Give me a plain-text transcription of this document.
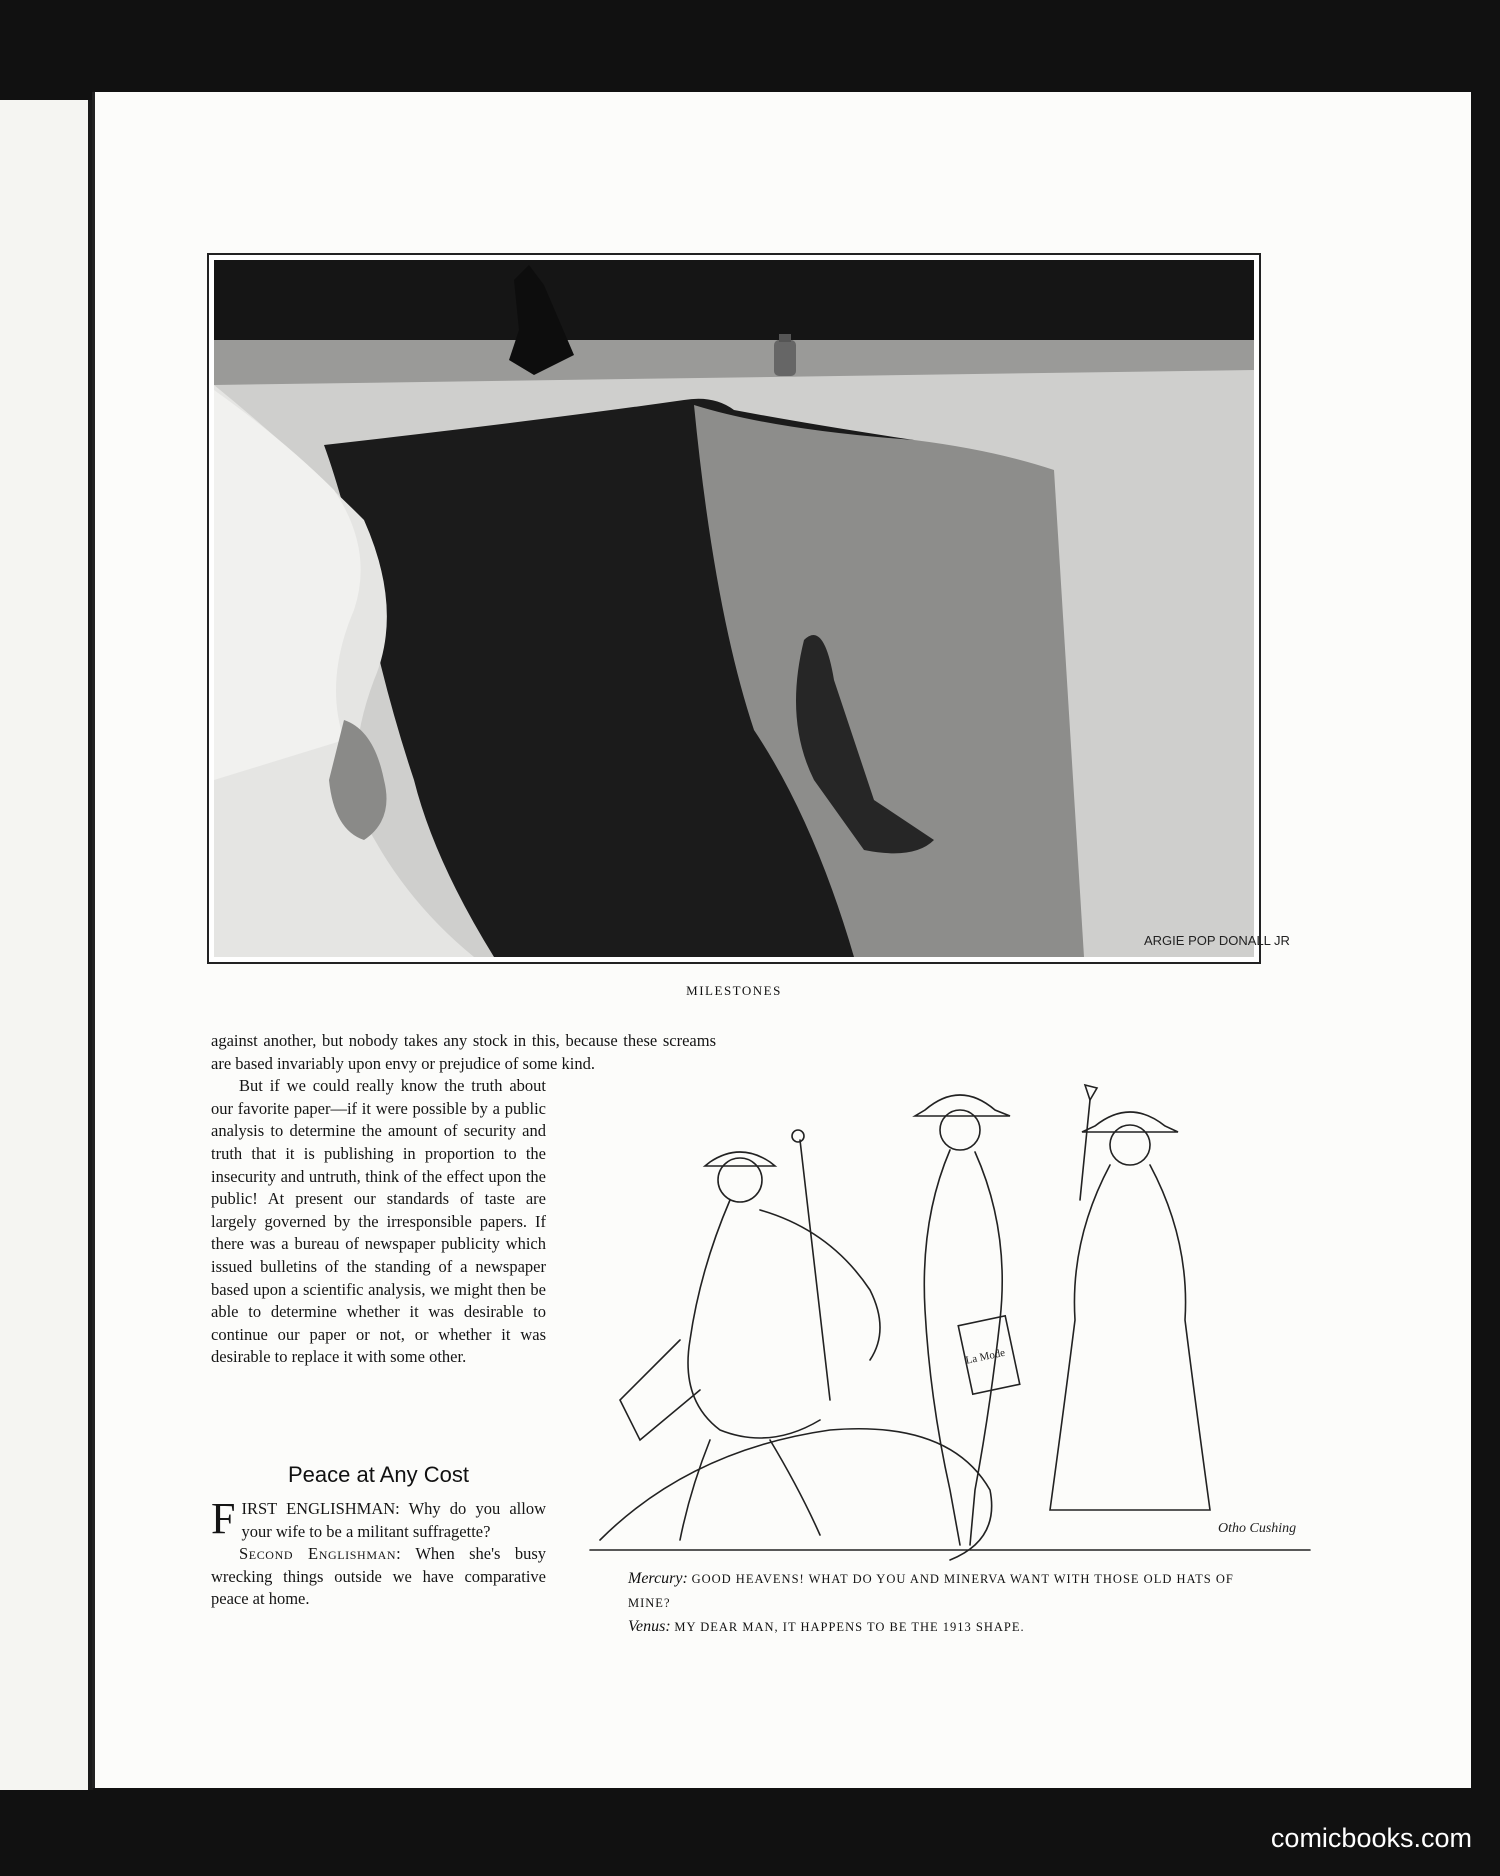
ARGIE POP DONALL JR
MILESTONES

against another, but nobody takes any stock in this, because these screams are based invariably upon envy or prejudice of some kind.

But if we could really know the truth about our favorite paper—if it were possible by a public analysis to determine the amount of security and truth that it is publishing in proportion to the insecurity and untruth, think of the effect upon the public! At present our standards of taste are largely governed by the irresponsible papers. If there was a bureau of newspaper publicity which issued bulletins of the standing of a newspaper based upon a scientific analysis, we might then be able to determine whether it was desirable to continue our paper or not, or whether it was desirable to replace it with some other.

Peace at Any Cost

FIRST ENGLISHMAN: Why do you allow your wife to be a militant suffragette?

Second Englishman: When she's busy wrecking things outside we have comparative peace at home.

La Mode
Otho Cushing

Mercury: GOOD HEAVENS! WHAT DO YOU AND MINERVA WANT WITH THOSE OLD HATS OF MINE?

Venus: MY DEAR MAN, IT HAPPENS TO BE THE 1913 SHAPE.

comicbooks.com
